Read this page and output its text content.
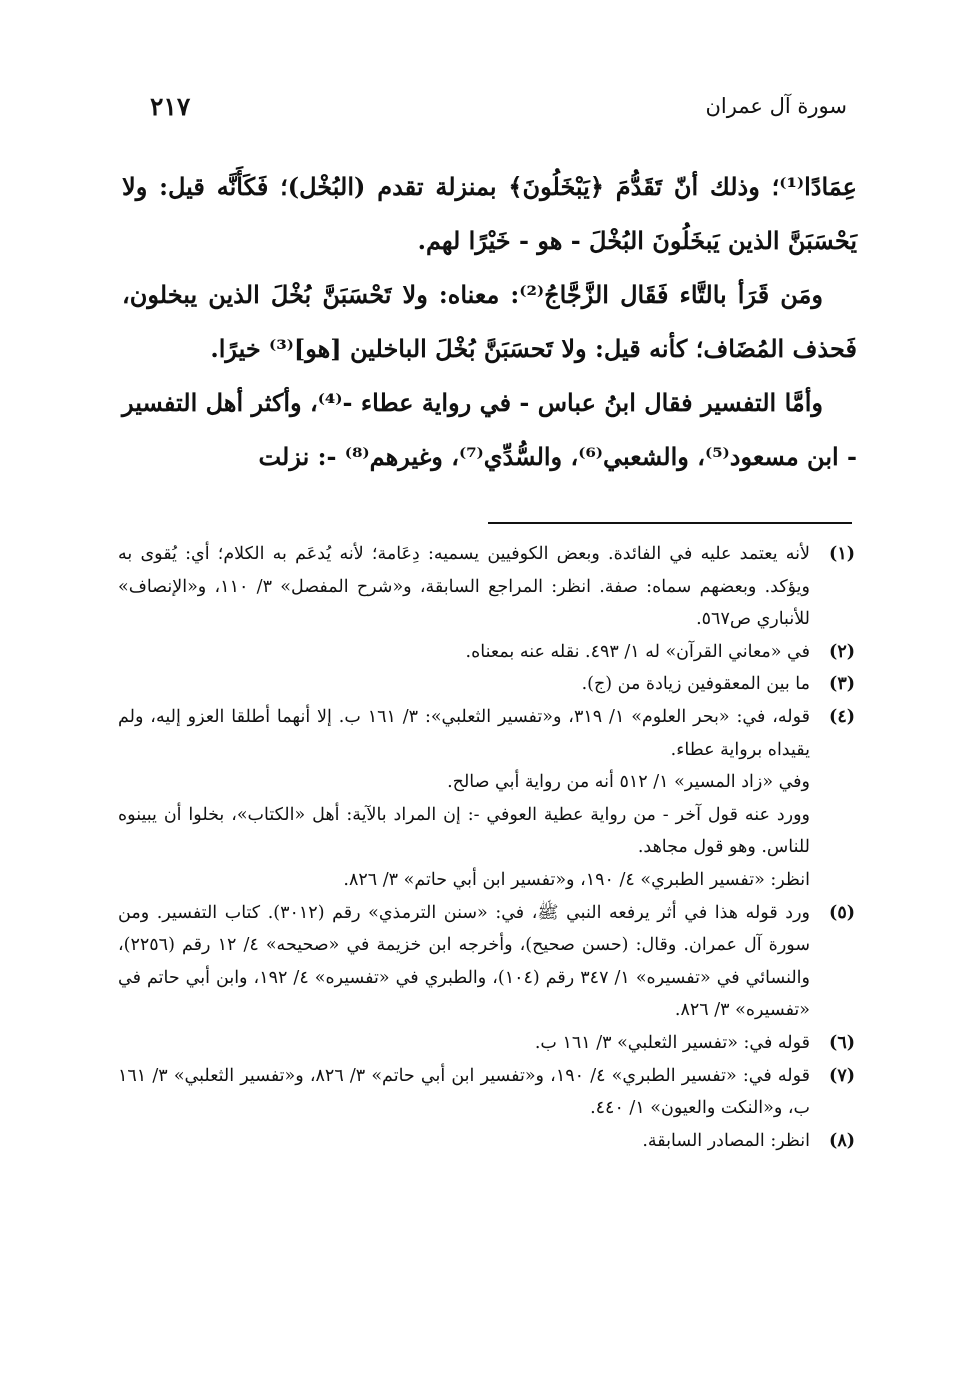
سورة آل عمران
٢١٧

عِمَادًا⁽¹⁾؛ وذلك أنّ تَقَدُّمَ ﴿يَبْخَلُونَ﴾ بمنزلة تقدم (البُخْل)؛ فَكَأَنَّه قيل: ولا يَحْسَبَنَّ الذين يَبخَلُونَ البُخْلَ - هو - خَيْرًا لهم.

ومَن قَرَأ بالتَّاء فَقَال الزَّجَّاجُ⁽²⁾: معناه: ولا تَحْسَبَنَّ بُخْلَ الذين يبخلون، فَحذف المُضَاف؛ كأنه قيل: ولا تَحسَبَنَّ بُخْلَ الباخلين [هو]⁽³⁾ خيرًا.

وأمَّا التفسير فقال ابنُ عباس - في رواية عطاء -⁽⁴⁾، وأكثر أهل التفسير - ابن مسعود⁽⁵⁾، والشعبي⁽⁶⁾، والسُّدِّي⁽⁷⁾، وغيرهم⁽⁸⁾ -: نزلت

(١)
لأنه يعتمد عليه في الفائدة. وبعض الكوفيين يسميه: دِعَامة؛ لأنه يُدعَم به الكلام؛ أي: يُقوى به ويؤكد. وبعضهم سماه: صفة. انظر: المراجع السابقة، و«شرح المفصل» ٣/ ١١٠، و«الإنصاف» للأنباري ص٥٦٧.
(٢)
في «معاني القرآن» له ١/ ٤٩٣. نقله عنه بمعناه.
(٣)
ما بين المعقوفين زيادة من (ج).
(٤)
قوله، في: «بحر العلوم» ١/ ٣١٩، و«تفسير الثعلبي»: ٣/ ١٦١ ب. إلا أنهما أطلقا العزو إليه، ولم يقيداه برواية عطاء.
وفي «زاد المسير» ١/ ٥١٢ أنه من رواية أبي صالح.
وورد عنه قول آخر - من رواية عطية العوفي -: إن المراد بالآية: أهل «الكتاب»، بخلوا أن يبينوه للناس. وهو قول مجاهد.
انظر: «تفسير الطبري» ٤/ ١٩٠، و«تفسير ابن أبي حاتم» ٣/ ٨٢٦.
(٥)
ورد قوله هذا في أثر يرفعه النبي ﷺ، في: «سنن الترمذي» رقم (٣٠١٢). كتاب التفسير. ومن سورة آل عمران. وقال: (حسن صحيح)، وأخرجه ابن خزيمة في «صحيحه» ٤/ ١٢ رقم (٢٢٥٦)، والنسائي في «تفسيره» ١/ ٣٤٧ رقم (١٠٤)، والطبري في «تفسيره» ٤/ ١٩٢، وابن أبي حاتم في «تفسيره» ٣/ ٨٢٦.
(٦)
قوله في: «تفسير الثعلبي» ٣/ ١٦١ ب.
(٧)
قوله في: «تفسير الطبري» ٤/ ١٩٠، و«تفسير ابن أبي حاتم» ٣/ ٨٢٦، و«تفسير الثعلبي» ٣/ ١٦١ ب، و«النكت والعيون» ١/ ٤٤٠.
(٨)
انظر: المصادر السابقة.
